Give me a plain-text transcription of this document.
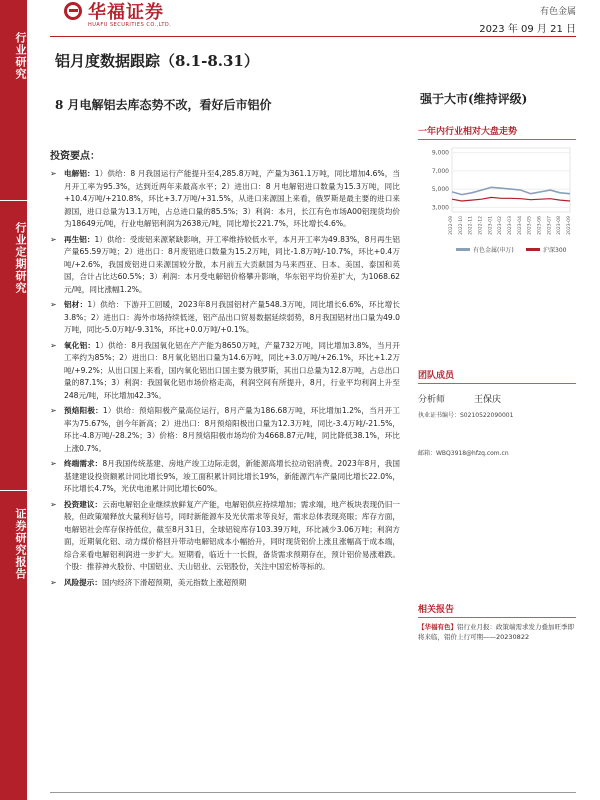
行业研究
行业定期研究
证券研究报告
华福证券
HUAFU SECURITIES CO.,LTD.
有色金属
2023 年 09 月 21 日
铝月度数据跟踪（8.1-8.31）
8 月电解铝去库态势不改，看好后市铝价	强于大市(维持评级)
一年内行业相对大盘走势
9,000
7,000
5,000
3,000
2022-09 2022-10 2022-11 2022-12 2023-01 2023-02 2023-03 2023-04 2023-05 2023-06 2023-07 2023-08 2023-09
有色金属(申万)	沪深300
团队成员
分析师	王保庆
执业证书编号：S0210522090001
邮箱：WBQ3918@hfzq.com.cn
相关报告
【华福有色】铝行业月报：政策端需求发力叠加旺季即将来临，铝价上行可期——20230822
投资要点：
➢ 电解铝：1）供给：8 月我国运行产能提升至4,285.8万吨，产量为361.1万吨，同比增加4.6%，当月开工率为95.3%，达到近两年来最高水平；2）进出口：8 月电解铝进口数量为15.3万吨，同比+10.4万吨/+210.8%，环比+3.7万吨/+31.5%，从进口来源国上来看，俄罗斯是最主要的进口来源国，进口总量为13.1万吨，占总进口量的85.5%；3）利润：本月，长江有色市场A00铝现货均价为18649元/吨，行业电解铝利润为2638元/吨，同比增长221.7%，环比增长4.6%。
➢ 再生铝：1）供给：受废铝来源紧缺影响，开工率维持较低水平，本月开工率为49.83%，8月再生铝产量65.59万吨；2）进出口：8月废铝进口数量为15.2万吨，同比-1.8万吨/-10.7%，环比+0.4万吨/+2.6%，我国废铝进口来源国较分散，本月前五大贡献国为马来西亚、日本、美国、泰国和英国，合计占比达60.5%；3）利润：本月受电解铝价格攀升影响，华东铝平均价差扩大，为1068.62元/吨，同比涨幅1.2%。
➢ 铝材：1）供给：下游开工回暖，2023年8月我国铝材产量548.3万吨，同比增长6.6%，环比增长3.8%；2）进出口：海外市场持续低迷，铝产品出口贸易数据延续弱势，8月我国铝材出口量为49.0万吨，同比-5.0万吨/-9.31%，环比+0.0万吨/+0.1%。
➢ 氧化铝：1）供给：8月我国氧化铝在产产能为8650万吨，产量732万吨，同比增加3.8%，当月开工率约为85%；2）进出口：8月氧化铝出口量为14.6万吨，同比+3.0万吨/+26.1%，环比+1.2万吨/+9.2%；从出口国上来看，国内氧化铝出口国主要为俄罗斯，其出口总量为12.8万吨，占总出口量的87.1%；3）利润：我国氧化铝市场价格走高，利润空间有所提升，8月，行业平均利润上升至248元/吨，环比增加42.3%。
➢ 预焙阳极：1）供给：预焙阳极产量高位运行，8月产量为186.68万吨，环比增加1.2%，当月开工率为75.67%，创今年新高；2）进出口：8月预焙阳极出口量为12.3万吨，同比-3.4万吨/-21.5%，环比-4.8万吨/-28.2%；3）价格：8月预焙阳极市场均价为4668.87元/吨，同比降低38.1%，环比上涨0.7%。
➢ 终端需求：8月我国传统基建、房地产竣工边际走弱，新能源高增长拉动铝消费。2023年8月，我国基建建设投资额累计同比增长9%，竣工面积累计同比增长19%，新能源汽车产量同比增长22.0%，环比增长4.7%，光伏电池累计同比增长60%。
➢ 投资建议：云南电解铝企业继续放鲜复产产能，电解铝供应持续增加；需求端，地产板块表现仍旧一般，但政策端释放大量利好信号，同时新能源车及光伏需求等良好，需求总体表现亮眼；库存方面，电解铝社会库存保持低位，截至8月31日，全球铝锭库存103.39万吨，环比减少3.06万吨；利润方面，近期氧化铝、动力煤价格回升带动电解铝成本小幅抬升，同时现货铝价上涨且涨幅高于成本端，综合来看电解铝利润进一步扩大。短期看，临近十一长假，备货需求预期存在，预计铝价易涨难跌。个股：推荐神火股份、中国铝业、天山铝业、云铝股份，关注中国宏桥等标的。
➢ 风险提示：国内经济下滑超预期，美元指数上涨超预期
